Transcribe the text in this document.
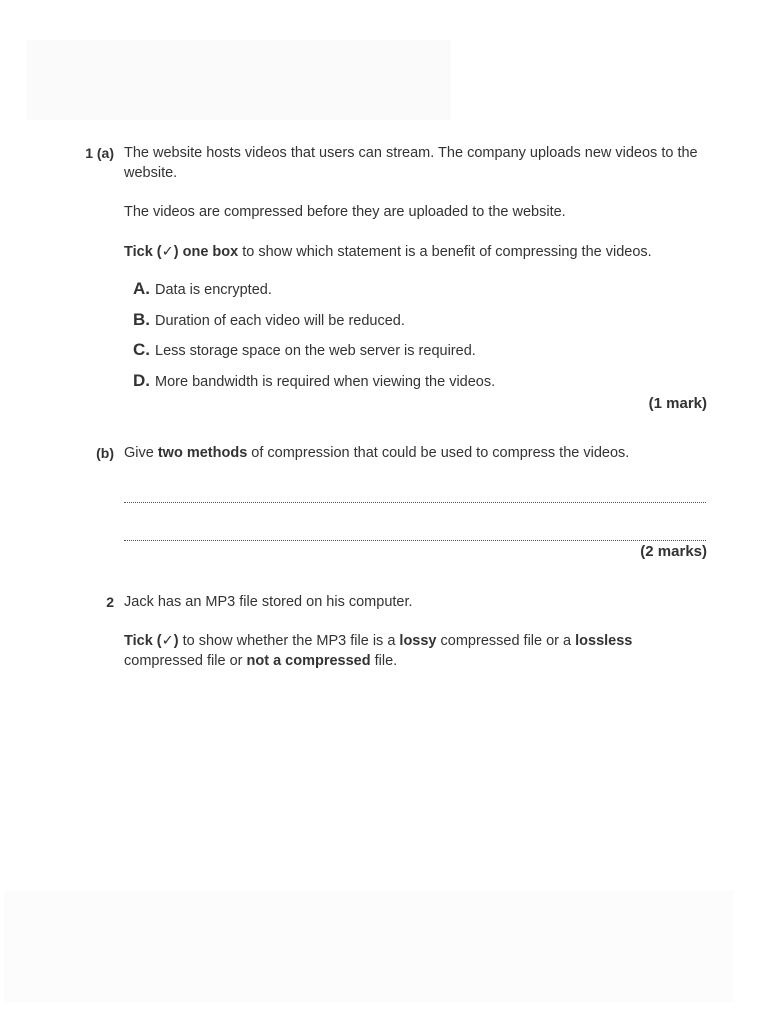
1 (a) The website hosts videos that users can stream. The company uploads new videos to the
website.
The videos are compressed before they are uploaded to the website.
Tick (✓) one box to show which statement is a benefit of compressing the videos.
A. Data is encrypted.
B. Duration of each video will be reduced.
C. Less storage space on the web server is required.
D. More bandwidth is required when viewing the videos.
(1 mark)
(b) Give two methods of compression that could be used to compress the videos.
(2 marks)
2 Jack has an MP3 file stored on his computer.
Tick (✓) to show whether the MP3 file is a lossy compressed file or a lossless
compressed file or not a compressed file.
